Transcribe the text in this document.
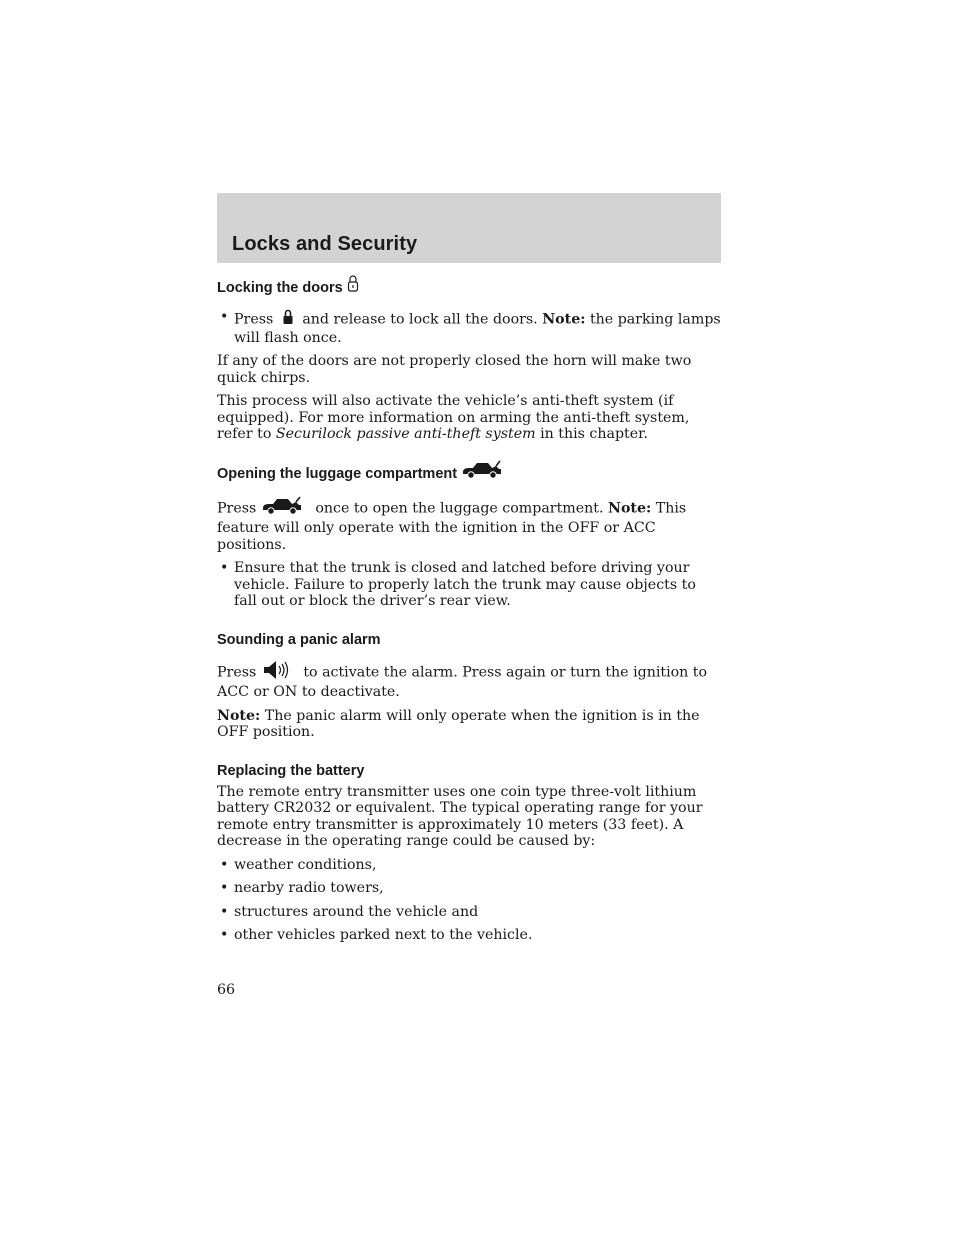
Locks and Security
Locking the doors
• Press and release to lock all the doors. Note: the parking lamps will flash once.

If any of the doors are not properly closed the horn will make two quick chirps.

This process will also activate the vehicle’s anti-theft system (if equipped). For more information on arming the anti-theft system, refer to Securilock passive anti-theft system in this chapter.

Opening the luggage compartment

Press	once to open the luggage compartment. Note: This feature will only operate with the ignition in the OFF or ACC positions.

• Ensure that the trunk is closed and latched before driving your vehicle. Failure to properly latch the trunk may cause objects to fall out or block the driver’s rear view.
Sounding a panic alarm

Press	to activate the alarm. Press again or turn the ignition to ACC or ON to deactivate.

Note: The panic alarm will only operate when the ignition is in the OFF position.

Replacing the battery

The remote entry transmitter uses one coin type three-volt lithium battery CR2032 or equivalent. The typical operating range for your remote entry transmitter is approximately 10 meters (33 feet). A decrease in the operating range could be caused by:

• weather conditions,
• nearby radio towers,
• structures around the vehicle and
• other vehicles parked next to the vehicle.
66
